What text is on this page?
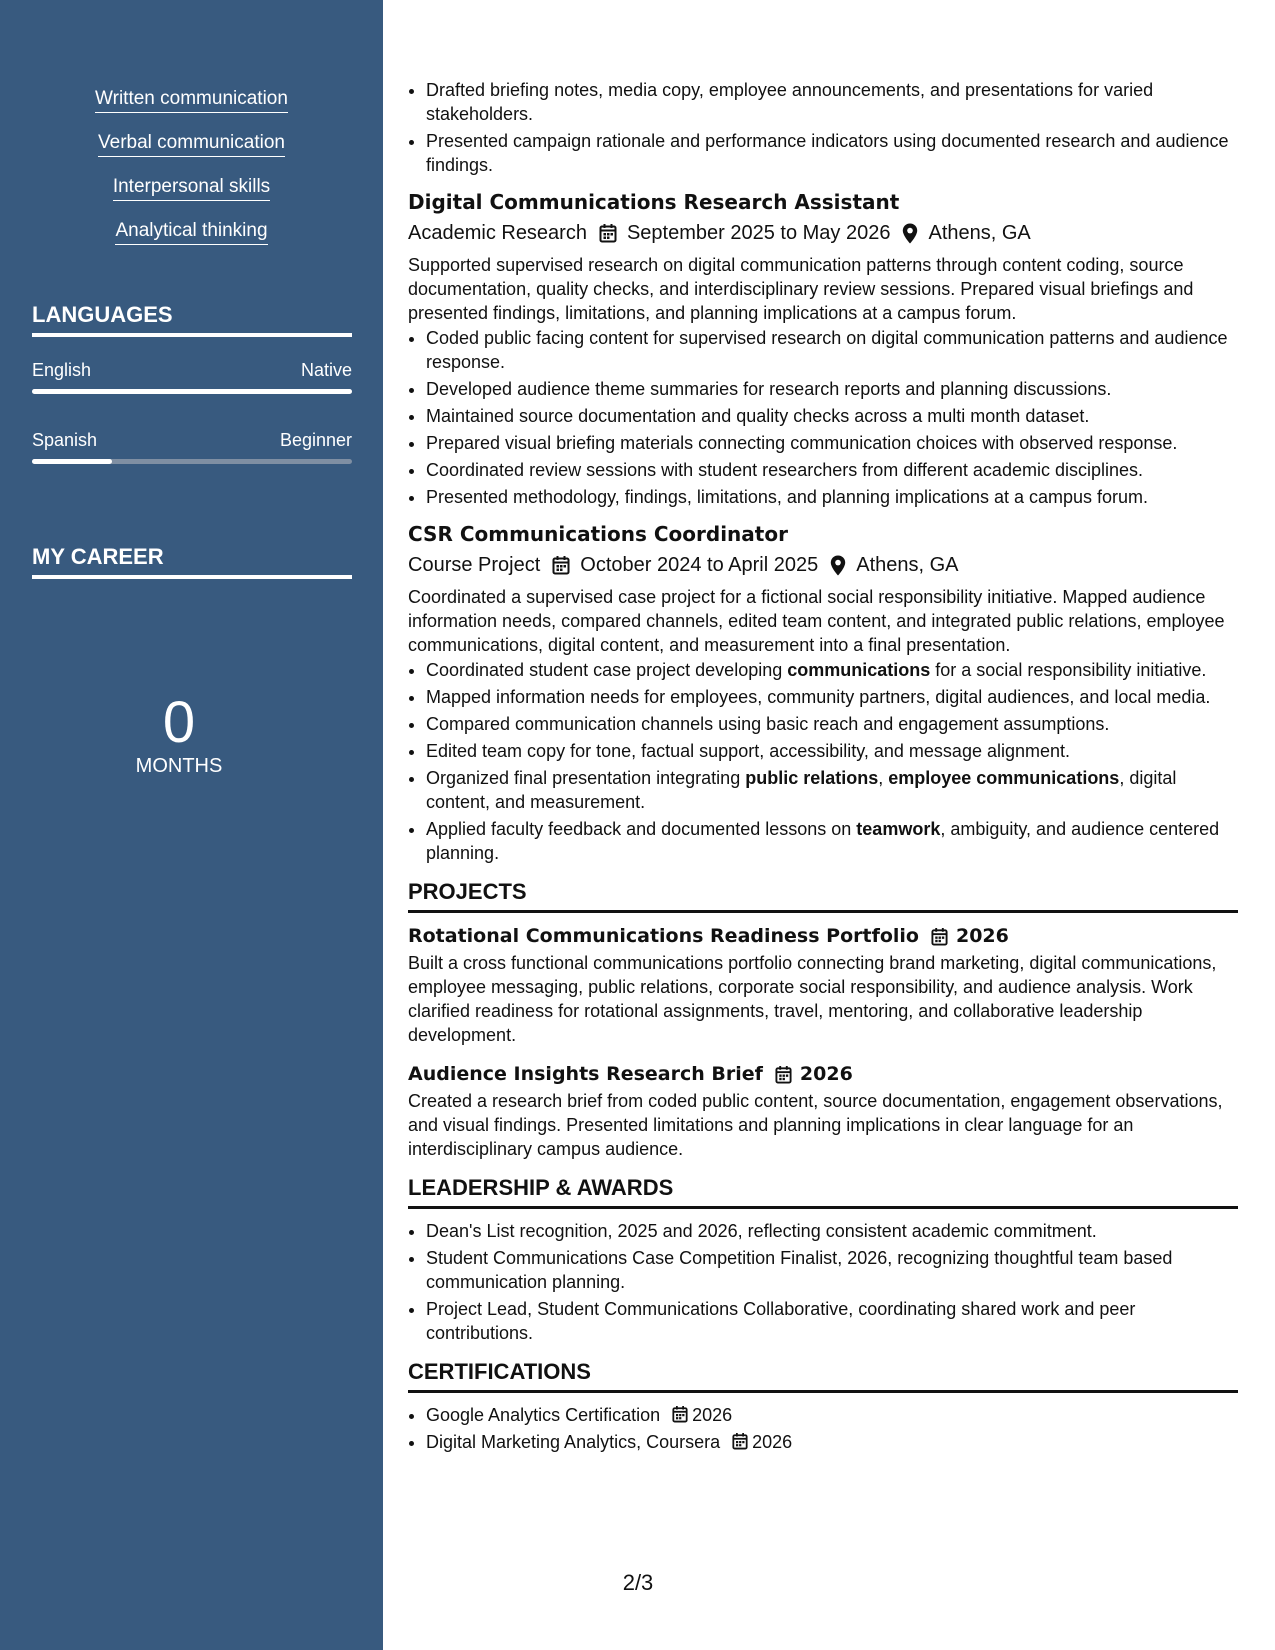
Written communication
Verbal communication
Interpersonal skills
Analytical thinking
LANGUAGES
English	Native
Spanish	Beginner
MY CAREER
0
MONTHS
• Drafted briefing notes, media copy, employee announcements, and presentations for varied stakeholders.
• Presented campaign rationale and performance indicators using documented research and audience findings.
Digital Communications Research Assistant
Academic Research September 2025 to May 2026 Athens, GA
Supported supervised research on digital communication patterns through content coding, source documentation, quality checks, and interdisciplinary review sessions. Prepared visual briefings and presented findings, limitations, and planning implications at a campus forum.
• Coded public facing content for supervised research on digital communication patterns and audience response.
• Developed audience theme summaries for research reports and planning discussions.
• Maintained source documentation and quality checks across a multi month dataset.
• Prepared visual briefing materials connecting communication choices with observed response.
• Coordinated review sessions with student researchers from different academic disciplines.
• Presented methodology, findings, limitations, and planning implications at a campus forum.
CSR Communications Coordinator
Course Project October 2024 to April 2025 Athens, GA
Coordinated a supervised case project for a fictional social responsibility initiative. Mapped audience information needs, compared channels, edited team content, and integrated public relations, employee communications, digital content, and measurement into a final presentation.
• Coordinated student case project developing communications for a social responsibility initiative.
• Mapped information needs for employees, community partners, digital audiences, and local media.
• Compared communication channels using basic reach and engagement assumptions.
• Edited team copy for tone, factual support, accessibility, and message alignment.
• Organized final presentation integrating public relations, employee communications, digital content, and measurement.
• Applied faculty feedback and documented lessons on teamwork, ambiguity, and audience centered planning.
PROJECTS
Rotational Communications Readiness Portfolio 2026
Built a cross functional communications portfolio connecting brand marketing, digital communications, employee messaging, public relations, corporate social responsibility, and audience analysis. Work clarified readiness for rotational assignments, travel, mentoring, and collaborative leadership development.
Audience Insights Research Brief 2026
Created a research brief from coded public content, source documentation, engagement observations, and visual findings. Presented limitations and planning implications in clear language for an interdisciplinary campus audience.
LEADERSHIP & AWARDS
• Dean's List recognition, 2025 and 2026, reflecting consistent academic commitment.
• Student Communications Case Competition Finalist, 2026, recognizing thoughtful team based communication planning.
• Project Lead, Student Communications Collaborative, coordinating shared work and peer contributions.
CERTIFICATIONS
• Google Analytics Certification 2026
• Digital Marketing Analytics, Coursera 2026
2/3
